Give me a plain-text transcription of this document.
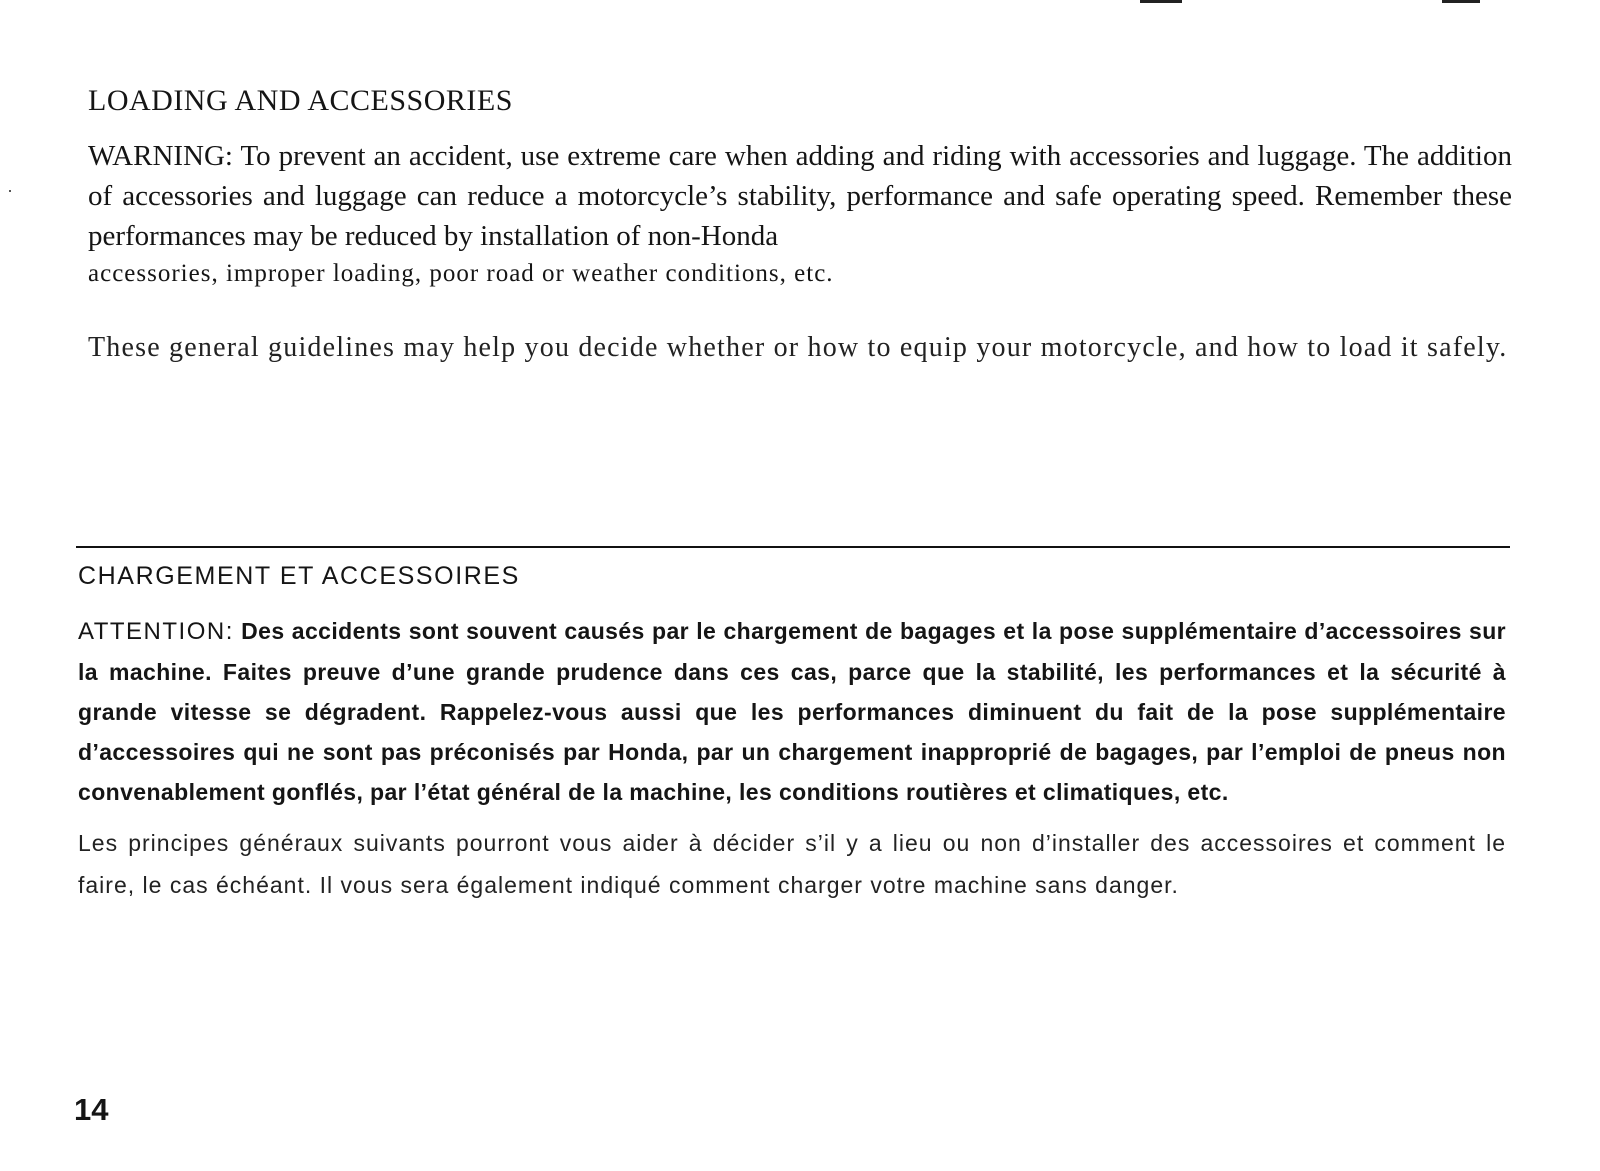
LOADING AND ACCESSORIES

WARNING: To prevent an accident, use extreme care when adding and riding with accessories and luggage. The addition of accessories and luggage can reduce a motorcycle’s stability, performance and safe operating speed. Remember these performances may be reduced by installation of non-Honda
accessories, improper loading, poor road or weather conditions, etc.

These general guidelines may help you decide whether or how to equip your motorcycle, and how to load it safely.

CHARGEMENT ET ACCESSOIRES

ATTENTION: Des accidents sont souvent causés par le chargement de bagages et la pose supplémentaire d’accessoires sur la machine. Faites preuve d’une grande prudence dans ces cas, parce que la stabilité, les performances et la sécurité à grande vitesse se dégradent. Rappelez-vous aussi que les performances diminuent du fait de la pose supplémentaire d’accessoires qui ne sont pas préconisés par Honda, par un chargement inapproprié de bagages, par l’emploi de pneus non convenablement gonflés, par l’état général de la machine, les conditions routières et climatiques, etc.

Les principes généraux suivants pourront vous aider à décider s’il y a lieu ou non d’installer des accessoires et comment le faire, le cas échéant. Il vous sera également indiqué comment charger votre machine sans danger.

14
